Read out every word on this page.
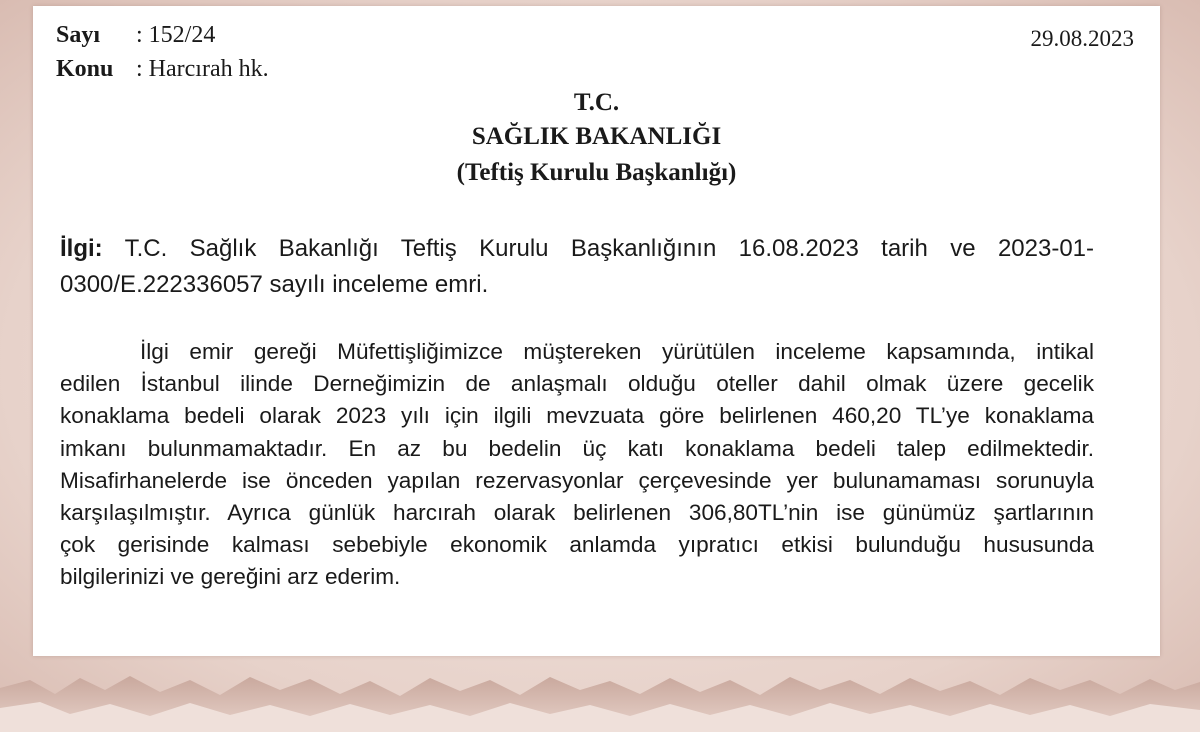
Sayı : 152/24
Konu : Harcırah hk.
29.08.2023
T.C.
SAĞLIK BAKANLIĞI
(Teftiş Kurulu Başkanlığı)
İlgi: T.C. Sağlık Bakanlığı Teftiş Kurulu Başkanlığının 16.08.2023 tarih ve 2023-01-
0300/E.222336057 sayılı inceleme emri.
İlgi emir gereği Müfettişliğimizce müştereken yürütülen inceleme kapsamında, intikal
edilen İstanbul ilinde Derneğimizin de anlaşmalı olduğu oteller dahil olmak üzere gecelik
konaklama bedeli olarak 2023 yılı için ilgili mevzuata göre belirlenen 460,20 TL’ye konaklama
imkanı bulunmamaktadır. En az bu bedelin üç katı konaklama bedeli talep edilmektedir.
Misafirhanelerde ise önceden yapılan rezervasyonlar çerçevesinde yer bulunamaması sorunuyla
karşılaşılmıştır. Ayrıca günlük harcırah olarak belirlenen 306,80TL’nin ise günümüz şartlarının
çok gerisinde kalması sebebiyle ekonomik anlamda yıpratıcı etkisi bulunduğu hususunda
bilgilerinizi ve gereğini arz ederim.
